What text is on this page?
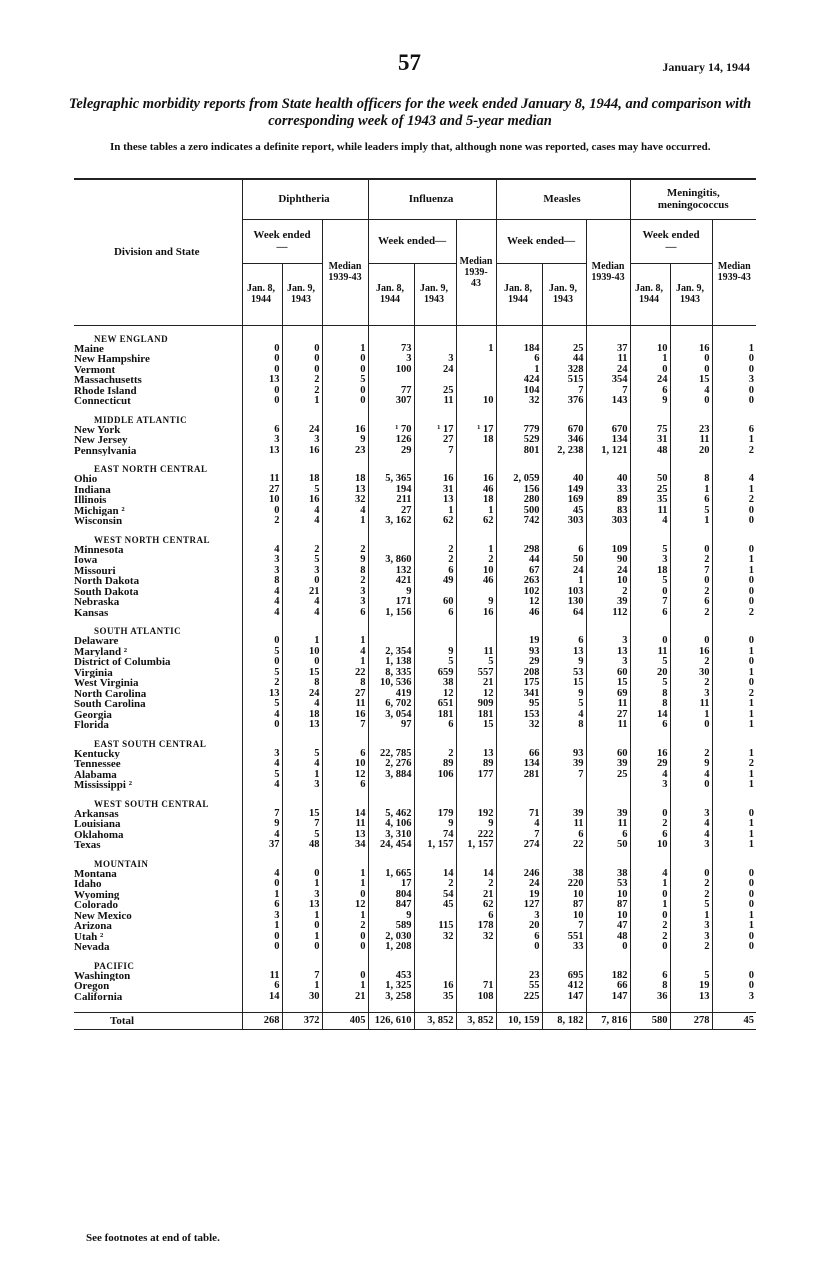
57	January 14, 1944
Telegraphic morbidity reports from State health officers for the week ended January 8, 1944, and comparison with corresponding week of 1943 and 5-year median
In these tables a zero indicates a definite report, while leaders imply that, although none was reported, cases may have occurred.
Division and State	Diphtheria			Influenza			Measles			Meningitis, meningococcus		
	Week ended—		Median 1939-43	Week ended—		Median 1939-43	Week ended—		Median 1939-43	Week ended—		Median 1939-43
	Jan. 8, 1944	Jan. 9, 1943		Jan. 8, 1944	Jan. 9, 1943		Jan. 8, 1944	Jan. 9, 1943		Jan. 8, 1944	Jan. 9, 1943	
NEW ENGLAND												
Maine	0	0	1	73		1	184	25	37	10	16	1
New Hampshire	0	0	0	3	3		6	44	11	1	0	0
Vermont	0	0	0	100	24		1	328	24	0	0	0
Massachusetts	13	2	5				424	515	354	24	15	3
Rhode Island	0	2	0	77	25		104	7	7	6	4	0
Connecticut	0	1	0	307	11	10	32	376	143	9	0	0
MIDDLE ATLANTIC												
New York	6	24	16	¹ 70	¹ 17	¹ 17	779	670	670	75	23	6
New Jersey	3	3	9	126	27	18	529	346	134	31	11	1
Pennsylvania	13	16	23	29	7		801	2, 238	1, 121	48	20	2
EAST NORTH CENTRAL												
Ohio	11	18	18	5, 365	16	16	2, 059	40	40	50	8	4
Indiana	27	5	13	194	31	46	156	149	33	25	1	1
Illinois	10	16	32	211	13	18	280	169	89	35	6	2
Michigan ²	0	4	4	27	1	1	500	45	83	11	5	0
Wisconsin	2	4	1	3, 162	62	62	742	303	303	4	1	0
WEST NORTH CENTRAL												
Minnesota	4	2	2		2	1	298	6	109	5	0	0
Iowa	3	5	9	3, 860	2	2	44	50	90	3	2	1
Missouri	3	3	8	132	6	10	67	24	24	18	7	1
North Dakota	8	0	2	421	49	46	263	1	10	5	0	0
South Dakota	4	21	3	9			102	103	2	0	2	0
Nebraska	4	4	3	171	60	9	12	130	39	7	6	0
Kansas	4	4	6	1, 156	6	16	46	64	112	6	2	2
SOUTH ATLANTIC												
Delaware	0	1	1				19	6	3	0	0	0
Maryland ²	5	10	4	2, 354	9	11	93	13	13	11	16	1
District of Columbia	0	0	1	1, 138	5	5	29	9	3	5	2	0
Virginia	5	15	22	8, 335	659	557	208	53	60	20	30	1
West Virginia	2	8	8	10, 536	38	21	175	15	15	5	2	0
North Carolina	13	24	27	419	12	12	341	9	69	8	3	2
South Carolina	5	4	11	6, 702	651	909	95	5	11	8	11	1
Georgia	4	18	16	3, 054	181	181	153	4	27	14	1	1
Florida	0	13	7	97	6	15	32	8	11	6	0	1
EAST SOUTH CENTRAL												
Kentucky	3	5	6	22, 785	2	13	66	93	60	16	2	1
Tennessee	4	4	10	2, 276	89	89	134	39	39	29	9	2
Alabama	5	1	12	3, 884	106	177	281	7	25	4	4	1
Mississippi ²	4	3	6							3	0	1
WEST SOUTH CENTRAL												
Arkansas	7	15	14	5, 462	179	192	71	39	39	0	3	0
Louisiana	9	7	11	4, 106	9	9	4	11	11	2	4	1
Oklahoma	4	5	13	3, 310	74	222	7	6	6	6	4	1
Texas	37	48	34	24, 454	1, 157	1, 157	274	22	50	10	3	1
MOUNTAIN												
Montana	4	0	1	1, 665	14	14	246	38	38	4	0	0
Idaho	0	1	1	17	2	2	24	220	53	1	2	0
Wyoming	1	3	0	804	54	21	19	10	10	0	2	0
Colorado	6	13	12	847	45	62	127	87	87	1	5	0
New Mexico	3	1	1	9		6	3	10	10	0	1	1
Arizona	1	0	2	589	115	178	20	7	47	2	3	1
Utah ²	0	1	0	2, 030	32	32	6	551	48	2	3	0
Nevada	0	0	0	1, 208			0	33	0	0	2	0
PACIFIC												
Washington	11	7	0	453			23	695	182	6	5	0
Oregon	6	1	1	1, 325	16	71	55	412	66	8	19	0
California	14	30	21	3, 258	35	108	225	147	147	36	13	3

Total	268	372	405	126, 610	3, 852	3, 852	10, 159	8, 182	7, 816	580	278	45
See footnotes at end of table.
